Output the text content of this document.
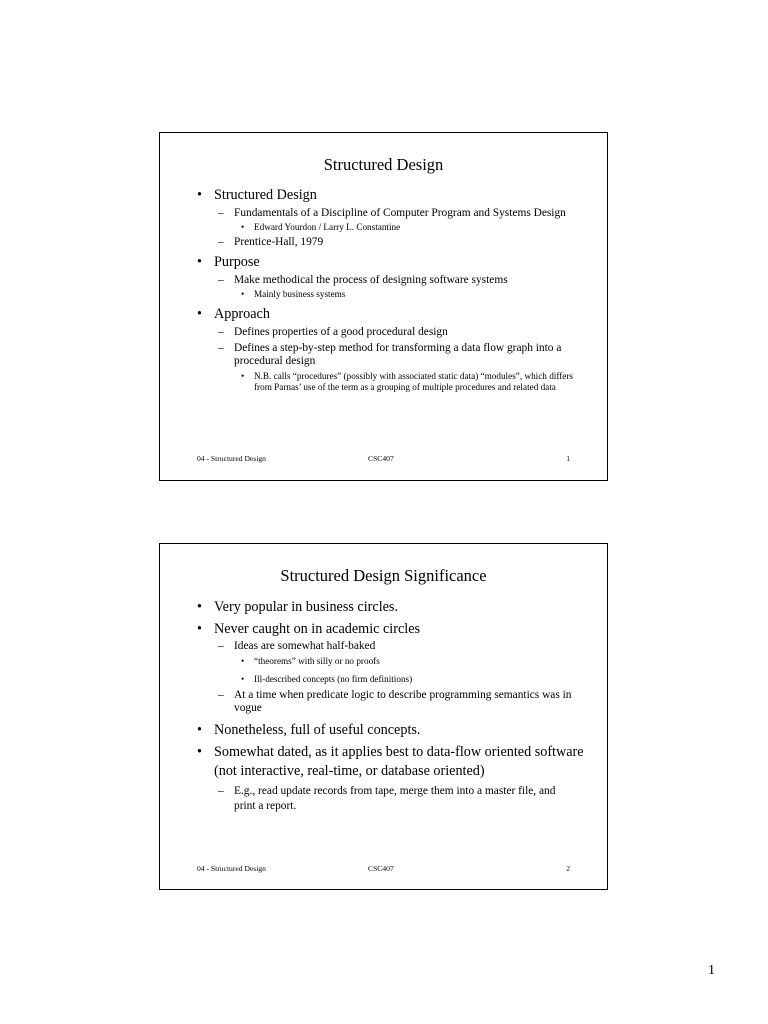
Structured Design
• Structured Design
– Fundamentals of a Discipline of Computer Program and Systems Design
• Edward Yourdon / Larry L. Constantine
– Prentice-Hall, 1979
• Purpose
– Make methodical the process of designing software systems
• Mainly business systems
• Approach
– Defines properties of a good procedural design
– Defines a step-by-step method for transforming a data flow graph into a procedural design
• N.B. calls “procedures” (possibly with associated static data) “modules”, which differs from Parnas’ use of the term as a grouping of multiple procedures and related data
04 - Structured Design	CSC407	1
Structured Design Significance
• Very popular in business circles.
• Never caught on in academic circles
– Ideas are somewhat half-baked
• “theorems” with silly or no proofs
• Ill-described concepts (no firm definitions)
– At a time when predicate logic to describe programming semantics was in vogue
• Nonetheless, full of useful concepts.
• Somewhat dated, as it applies best to data-flow oriented software (not interactive, real-time, or database oriented)
– E.g., read update records from tape, merge them into a master file, and print a report.
04 - Structured Design	CSC407	2
1
